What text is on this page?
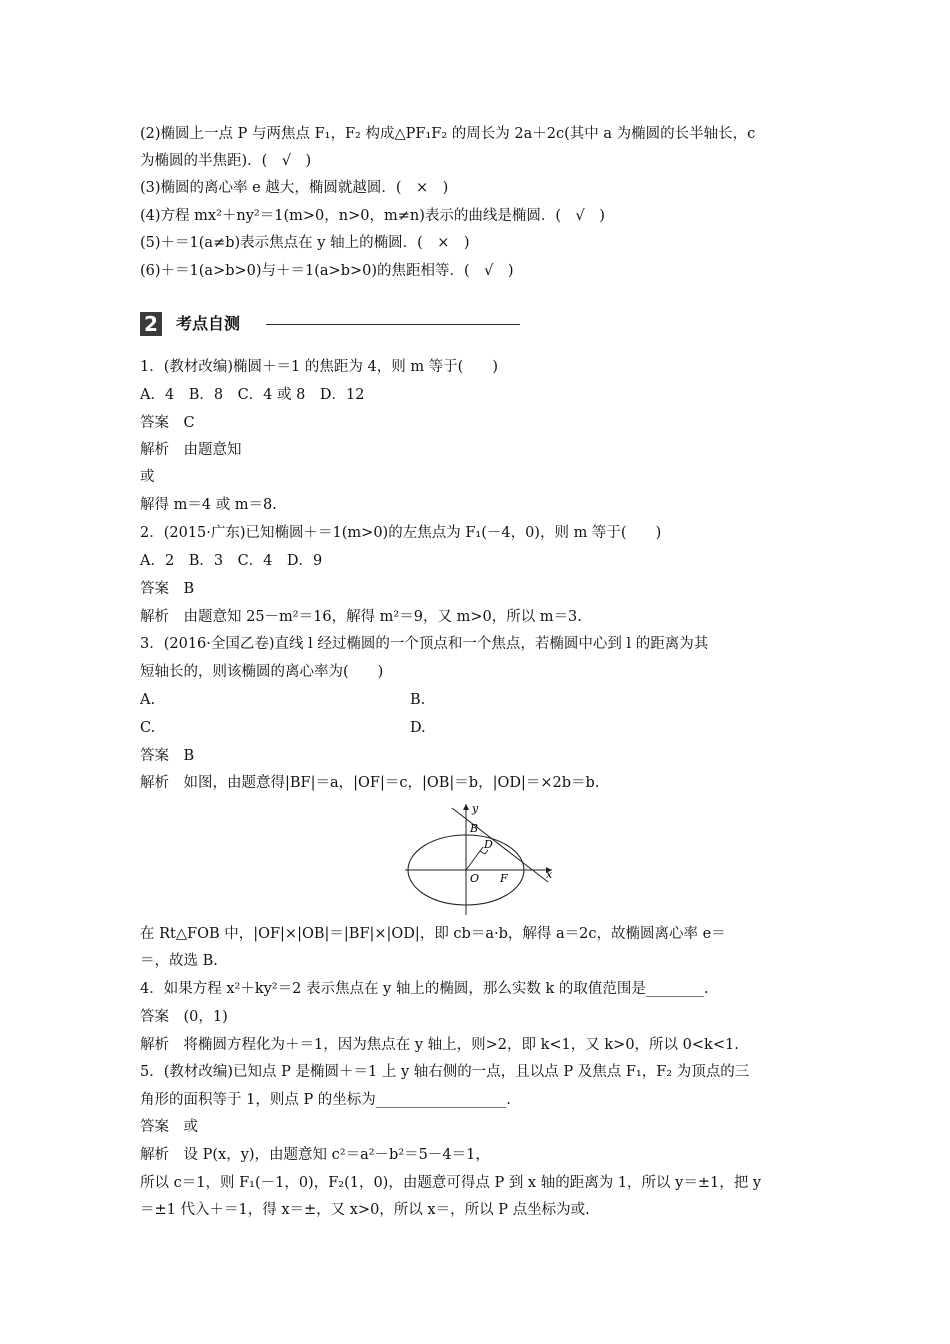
(2)椭圆上一点 P 与两焦点 F₁，F₂ 构成△PF₁F₂ 的周长为 2a＋2c(其中 a 为椭圆的长半轴长，c
为椭圆的半焦距)．(　√　)
(3)椭圆的离心率 e 越大，椭圆就越圆．(　×　)
(4)方程 mx²＋ny²＝1(m>0，n>0，m≠n)表示的曲线是椭圆．(　√　)
(5)＋＝1(a≠b)表示焦点在 y 轴上的椭圆．(　×　)
(6)＋＝1(a>b>0)与＋＝1(a>b>0)的焦距相等．(　√　)
2 考点自测
1．(教材改编)椭圆＋＝1 的焦距为 4，则 m 等于(　　)
A．4　B．8　C．4 或 8　D．12
答案　C
解析　由题意知
或
解得 m＝4 或 m＝8.
2．(2015·广东)已知椭圆＋＝1(m>0)的左焦点为 F₁(－4，0)，则 m 等于(　　)
A．2　B．3　C．4　D．9
答案　B
解析　由题意知 25－m²＝16，解得 m²＝9，又 m>0，所以 m＝3.
3．(2016·全国乙卷)直线 l 经过椭圆的一个顶点和一个焦点，若椭圆中心到 l 的距离为其
短轴长的，则该椭圆的离心率为(　　)
A.	B.
C.	D.
答案　B
解析　如图，由题意得|BF|＝a，|OF|＝c，|OB|＝b，|OD|＝×2b＝b.
y
x
B
D
O F
在 Rt△FOB 中，|OF|×|OB|＝|BF|×|OD|，即 cb＝a·b，解得 a＝2c，故椭圆离心率 e＝
＝，故选 B.
4．如果方程 x²＋ky²＝2 表示焦点在 y 轴上的椭圆，那么实数 k 的取值范围是________.
答案　(0，1)
解析　将椭圆方程化为＋＝1，因为焦点在 y 轴上，则>2，即 k<1，又 k>0，所以 0<k<1.
5．(教材改编)已知点 P 是椭圆＋＝1 上 y 轴右侧的一点，且以点 P 及焦点 F₁，F₂ 为顶点的三
角形的面积等于 1，则点 P 的坐标为__________________.
答案　或
解析　设 P(x，y)，由题意知 c²＝a²－b²＝5－4＝1，
所以 c＝1，则 F₁(－1，0)，F₂(1，0)，由题意可得点 P 到 x 轴的距离为 1，所以 y＝±1，把 y
＝±1 代入＋＝1，得 x＝±，又 x>0，所以 x＝，所以 P 点坐标为或.
